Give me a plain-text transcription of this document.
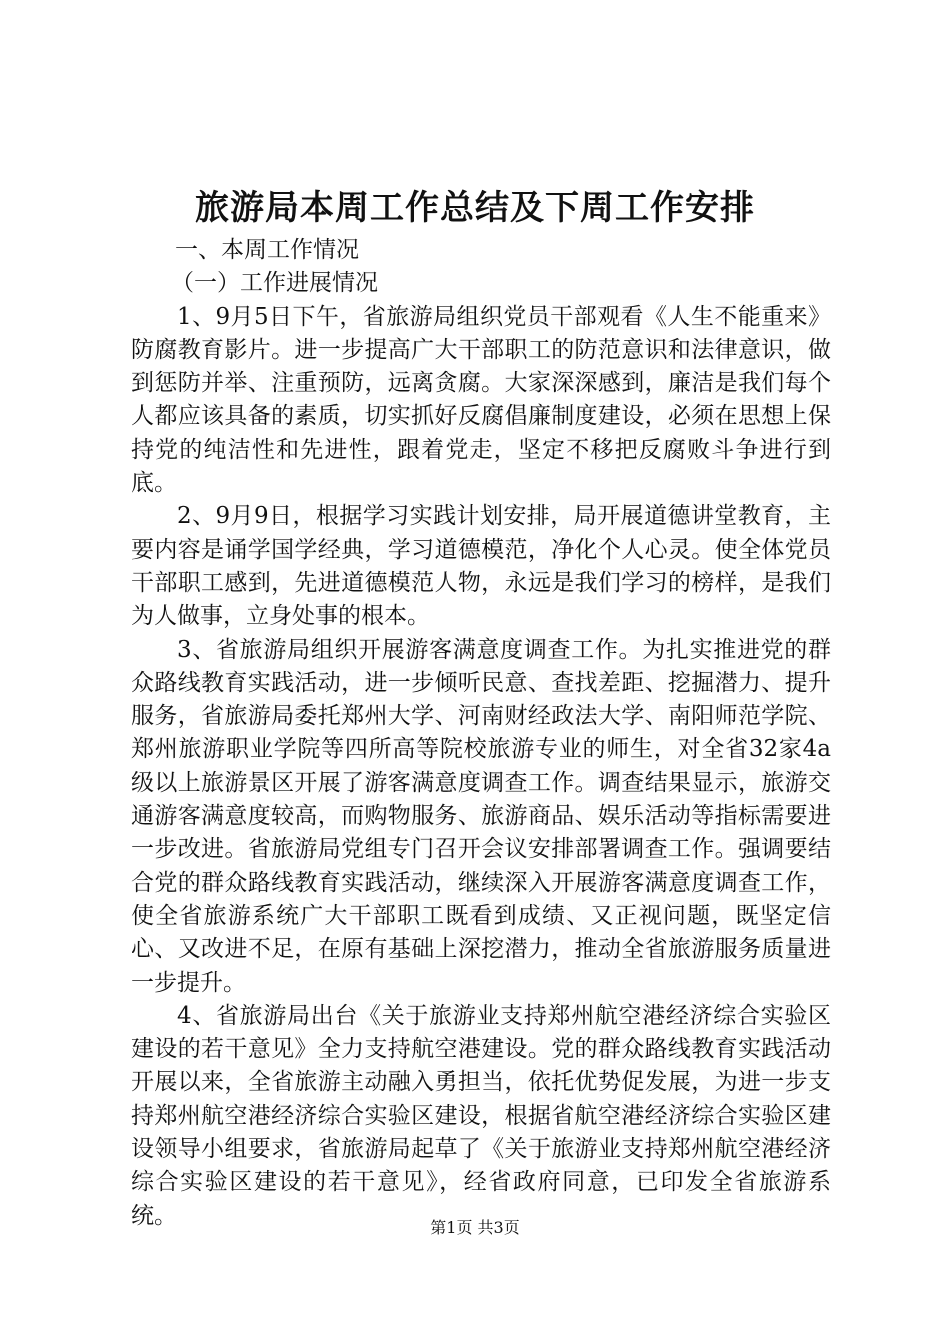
旅游局本周工作总结及下周工作安排
一、本周工作情况
（一）工作进展情况

1、9月5日下午，省旅游局组织党员干部观看《人生不能重来》防腐教育影片。进一步提高广大干部职工的防范意识和法律意识，做到惩防并举、注重预防，远离贪腐。大家深深感到，廉洁是我们每个人都应该具备的素质，切实抓好反腐倡廉制度建设，必须在思想上保持党的纯洁性和先进性，跟着党走，坚定不移把反腐败斗争进行到底。

2、9月9日，根据学习实践计划安排，局开展道德讲堂教育，主要内容是诵学国学经典，学习道德模范，净化个人心灵。使全体党员干部职工感到，先进道德模范人物，永远是我们学习的榜样，是我们为人做事，立身处事的根本。

3、省旅游局组织开展游客满意度调查工作。为扎实推进党的群众路线教育实践活动，进一步倾听民意、查找差距、挖掘潜力、提升服务，省旅游局委托郑州大学、河南财经政法大学、南阳师范学院、郑州旅游职业学院等四所高等院校旅游专业的师生，对全省32家4a级以上旅游景区开展了游客满意度调查工作。调查结果显示，旅游交通游客满意度较高，而购物服务、旅游商品、娱乐活动等指标需要进一步改进。省旅游局党组专门召开会议安排部署调查工作。强调要结合党的群众路线教育实践活动，继续深入开展游客满意度调查工作，使全省旅游系统广大干部职工既看到成绩、又正视问题，既坚定信心、又改进不足，在原有基础上深挖潜力，推动全省旅游服务质量进一步提升。

4、省旅游局出台《关于旅游业支持郑州航空港经济综合实验区建设的若干意见》全力支持航空港建设。党的群众路线教育实践活动开展以来，全省旅游主动融入勇担当，依托优势促发展，为进一步支持郑州航空港经济综合实验区建设，根据省航空港经济综合实验区建设领导小组要求，省旅游局起草了《关于旅游业支持郑州航空港经济综合实验区建设的若干意见》，经省政府同意，已印发全省旅游系统。	第1页 共3页
